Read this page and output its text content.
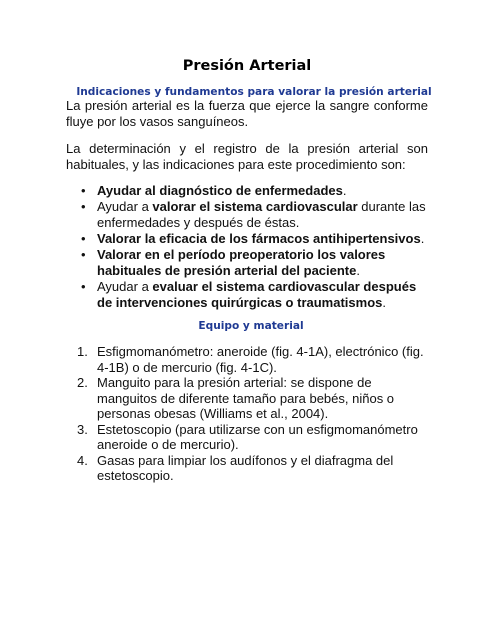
Presión Arterial
Indicaciones y fundamentos para valorar la presión arterial

La presión arterial es la fuerza que ejerce la sangre conforme fluye por los vasos sanguíneos.

La determinación y el registro de la presión arterial son habituales, y las indicaciones para este procedimiento son:

• Ayudar al diagnóstico de enfermedades.
• Ayudar a valorar el sistema cardiovascular durante las enfermedades y después de éstas.
• Valorar la eficacia de los fármacos antihipertensivos.
• Valorar en el período preoperatorio los valores habituales de presión arterial del paciente.
• Ayudar a evaluar el sistema cardiovascular después de intervenciones quirúrgicas o traumatismos.
Equipo y material
1. Esfigmomanómetro: aneroide (fig. 4-1A), electrónico (fig. 4-1B) o de mercurio (fig. 4-1C).
2. Manguito para la presión arterial: se dispone de manguitos de diferente tamaño para bebés, niños o personas obesas (Williams et al., 2004).
3. Estetoscopio (para utilizarse con un esfigmomanómetro aneroide o de mercurio).
4. Gasas para limpiar los audífonos y el diafragma del estetoscopio.
